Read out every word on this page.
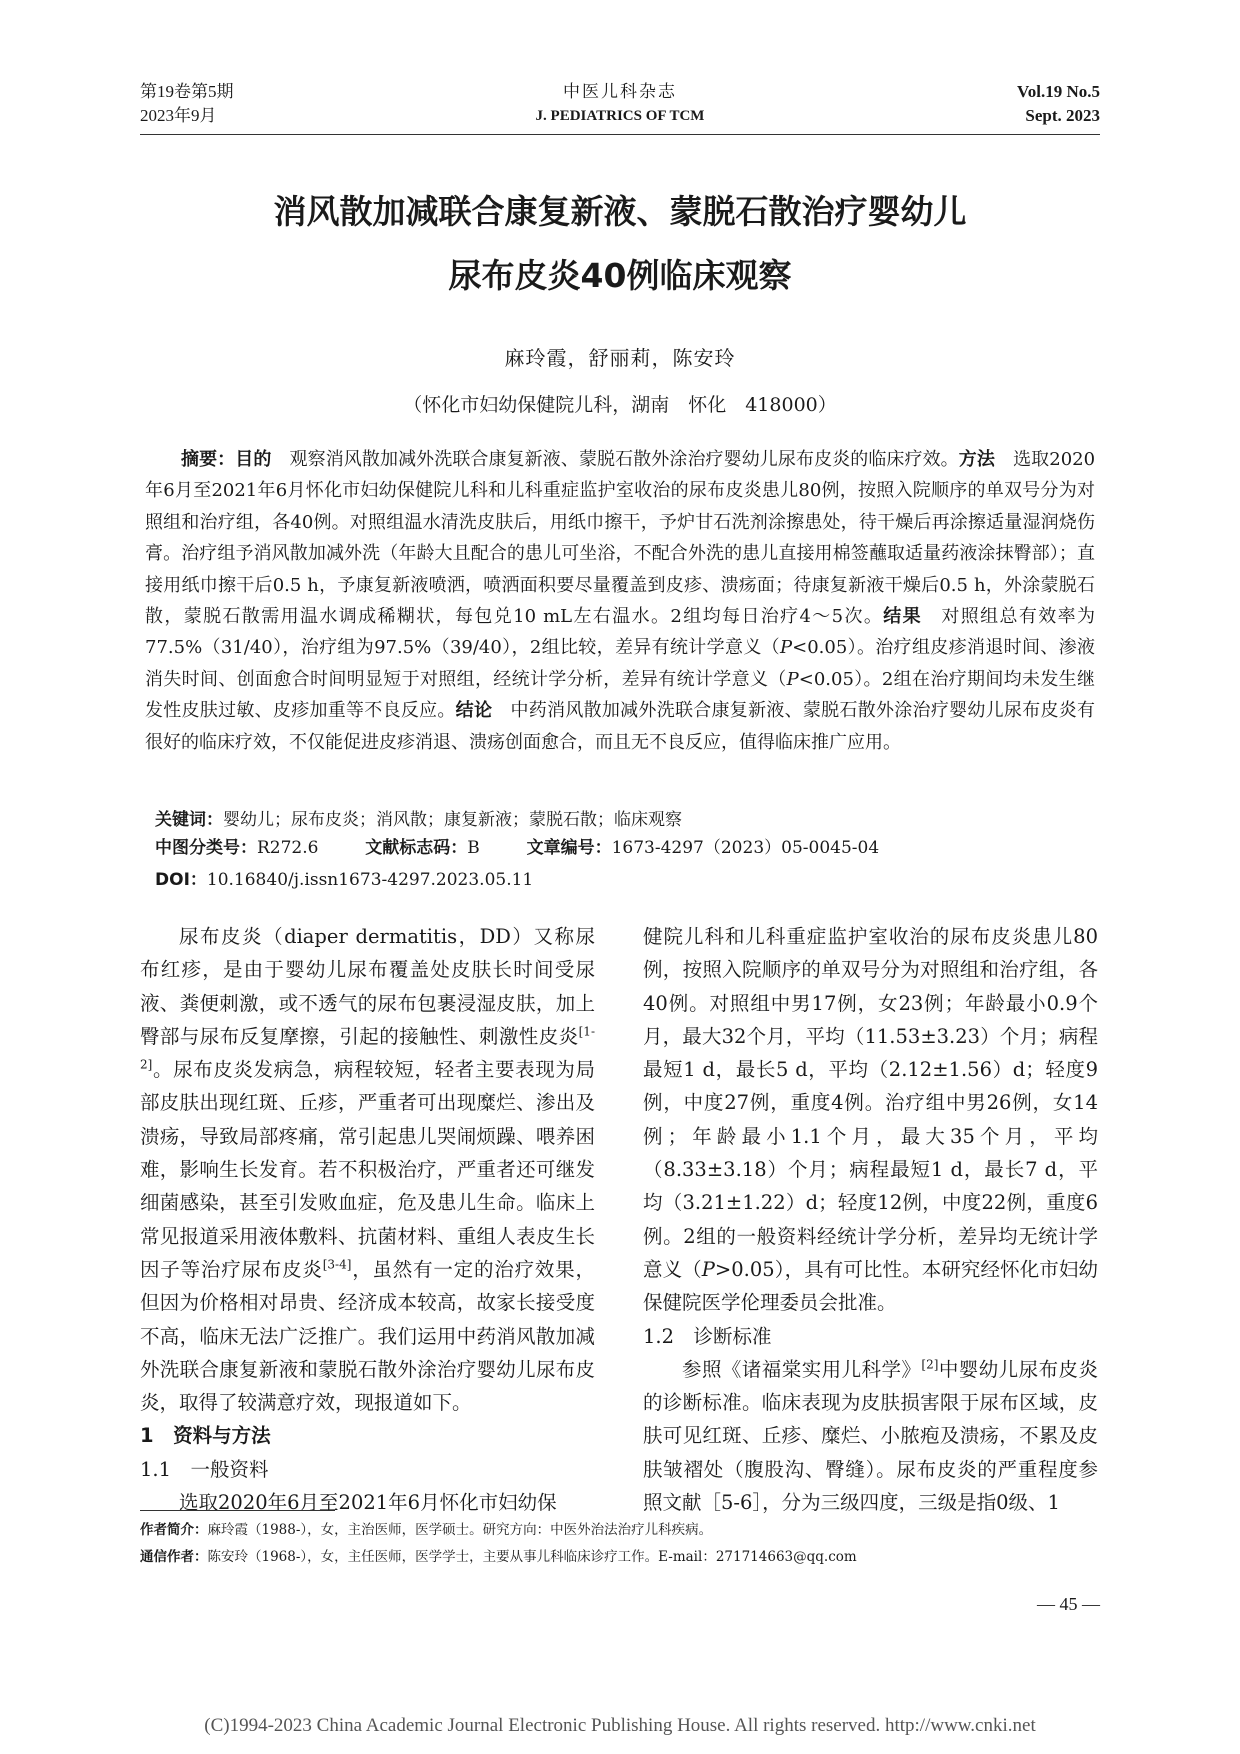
第19卷第5期
2023年9月
中医儿科杂志
J. PEDIATRICS OF TCM
Vol.19 No.5
Sept. 2023
消风散加减联合康复新液、蒙脱石散治疗婴幼儿
尿布皮炎40例临床观察
麻玲霞，舒丽莉，陈安玲
（怀化市妇幼保健院儿科，湖南　怀化　418000）

摘要：目的　 观察消风散加减外洗联合康复新液、蒙脱石散外涂治疗婴幼儿尿布皮炎的临床疗效。方法　 选取2020年6月至2021年6月怀化市妇幼保健院儿科和儿科重症监护室收治的尿布皮炎患儿80例，按照入院顺序的单双号分为对照组和治疗组，各40例。对照组温水清洗皮肤后，用纸巾擦干，予炉甘石洗剂涂擦患处，待干燥后再涂擦适量湿润烧伤膏。治疗组予消风散加减外洗（年龄大且配合的患儿可坐浴，不配合外洗的患儿直接用棉签蘸取适量药液涂抹臀部）；直接用纸巾擦干后0.5 h，予康复新液喷洒，喷洒面积要尽量覆盖到皮疹、溃疡面；待康复新液干燥后0.5 h，外涂蒙脱石散，蒙脱石散需用温水调成稀糊状，每包兑10 mL左右温水。2组均每日治疗4～5次。结果　 对照组总有效率为77.5%（31/40），治疗组为97.5%（39/40），2组比较，差异有统计学意义（P<0.05）。治疗组皮疹消退时间、渗液消失时间、创面愈合时间明显短于对照组，经统计学分析，差异有统计学意义（P<0.05）。2组在治疗期间均未发生继发性皮肤过敏、皮疹加重等不良反应。结论　 中药消风散加减外洗联合康复新液、蒙脱石散外涂治疗婴幼儿尿布皮炎有很好的临床疗效，不仅能促进皮疹消退、溃疡创面愈合，而且无不良反应，值得临床推广应用。

关键词：婴幼儿；尿布皮炎；消风散；康复新液；蒙脱石散；临床观察
中图分类号：R272.6	文献标志码：B	文章编号：1673-4297（2023）05-0045-04
DOI：10.16840/j.issn1673-4297.2023.05.11

尿布皮炎（diaper dermatitis，DD）又称尿布红疹，是由于婴幼儿尿布覆盖处皮肤长时间受尿液、粪便刺激，或不透气的尿布包裹浸湿皮肤，加上臀部与尿布反复摩擦，引起的接触性、刺激性皮炎[1-2]。尿布皮炎发病急，病程较短，轻者主要表现为局部皮肤出现红斑、丘疹，严重者可出现糜烂、渗出及溃疡，导致局部疼痛，常引起患儿哭闹烦躁、喂养困难，影响生长发育。若不积极治疗，严重者还可继发细菌感染，甚至引发败血症，危及患儿生命。临床上常见报道采用液体敷料、抗菌材料、重组人表皮生长因子等治疗尿布皮炎[3-4]，虽然有一定的治疗效果，但因为价格相对昂贵、经济成本较高，故家长接受度不高，临床无法广泛推广。我们运用中药消风散加减外洗联合康复新液和蒙脱石散外涂治疗婴幼儿尿布皮炎，取得了较满意疗效，现报道如下。

1　资料与方法

1.1　一般资料

选取2020年6月至2021年6月怀化市妇幼保

健院儿科和儿科重症监护室收治的尿布皮炎患儿80例，按照入院顺序的单双号分为对照组和治疗组，各40例。对照组中男17例，女23例；年龄最小0.9个月，最大32个月，平均（11.53±3.23）个月；病程最短1 d，最长5 d，平均（2.12±1.56）d；轻度9例，中度27例，重度4例。治疗组中男26例，女14例；年龄最小1.1个月，最大35个月，平均（8.33±3.18）个月；病程最短1 d，最长7 d，平均（3.21±1.22）d；轻度12例，中度22例，重度6例。2组的一般资料经统计学分析，差异均无统计学意义（P>0.05），具有可比性。本研究经怀化市妇幼保健院医学伦理委员会批准。

1.2　诊断标准

参照《诸福棠实用儿科学》[2]中婴幼儿尿布皮炎的诊断标准。临床表现为皮肤损害限于尿布区域，皮肤可见红斑、丘疹、糜烂、小脓疱及溃疡，不累及皮肤皱褶处（腹股沟、臀缝）。尿布皮炎的严重程度参照文献［5-6］，分为三级四度，三级是指0级、1

作者简介：麻玲霞（1988-），女，主治医师，医学硕士。研究方向：中医外治法治疗儿科疾病。
通信作者：陈安玲（1968-），女，主任医师，医学学士，主要从事儿科临床诊疗工作。E-mail：271714663@qq.com
— 45 —
(C)1994-2023 China Academic Journal Electronic Publishing House. All rights reserved. http://www.cnki.net
